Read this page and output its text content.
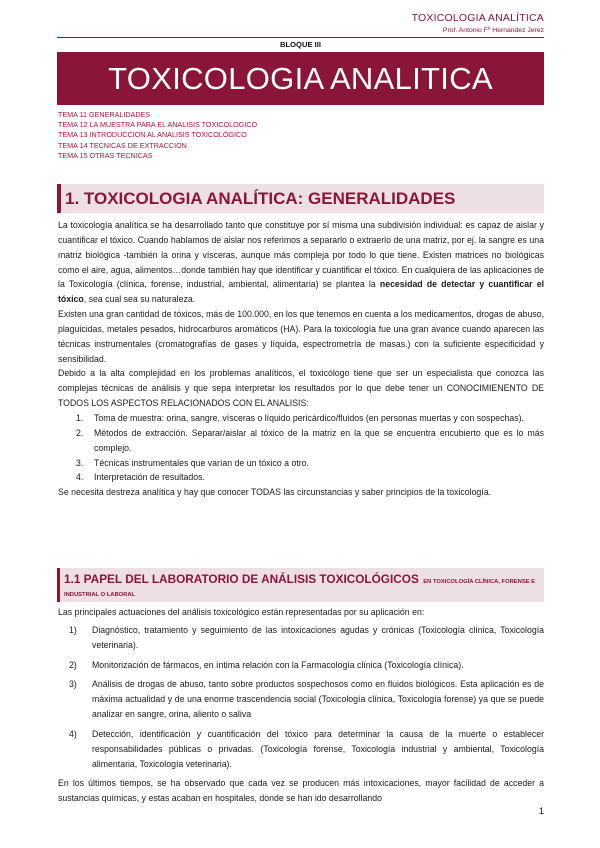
TOXICOLOGIA ANALÍTICA
Prof. Antonio Fº Hernández Jerez
BLOQUE III
TOXICOLOGIA ANALITICA
TEMA 11 GENERALIDADES
TEMA 12 LA MUESTRA PARA EL ANALISIS TOXICOLOGICO
TEMA 13 INTRODUCCION AL ANALISIS TOXICOLÓGICO
TEMA 14 TECNICAS DE EXTRACCION
TEMA 15 OTRAS TECNICAS
1. TOXICOLOGIA ANALÍTICA: GENERALIDADES

La toxicología analítica se ha desarrollado tanto que constituye por sí misma una subdivisión individual: es capaz de aislar y cuantificar el tóxico. Cuando hablamos de aislar nos referimos a separarlo o extraerlo de una matriz, por ej. la sangre es una matriz biológica -también la orina y vísceras, aunque más compleja por todo lo que tiene. Existen matrices no biológicas como el aire, agua, alimentos…donde también hay que identificar y cuantificar el tóxico. En cualquiera de las aplicaciones de la Toxicología (clínica, forense, industrial, ambiental, alimentaria) se plantea la necesidad de detectar y cuantificar el tóxico, sea cual sea su naturaleza.

Existen una gran cantidad de tóxicos, más de 100.000, en los que tenemos en cuenta a los medicamentos, drogas de abuso, plaguicidas, metales pesados, hidrocarburos aromáticos (HA). Para la toxicología fue una gran avance cuando aparecen las técnicas instrumentales (cromatografías de gases y líquida, espectrometría de masas.) con la suficiente especificidad y sensibilidad.

Debido a la alta complejidad en los problemas analíticos, el toxicólogo tiene que ser un especialista que conozca las complejas técnicas de análisis y que sepa interpretar los resultados por lo que debe tener un CONOCIMIENENTO DE TODOS LOS ASPECTOS RELACIONADOS CON EL ANALISIS:

1. Toma de muestra: orina, sangre, vísceras o líquido pericárdico/fluidos (en personas muertas y con sospechas).
2. Métodos de extracción. Separar/aislar al tóxico de la matriz en la que se encuentra encubierto que es lo más complejo.
3. Técnicas instrumentales que varían de un tóxico a otro.
4. Interpretación de resultados.

Se necesita destreza analítica y hay que conocer TODAS las circunstancias y saber principios de la toxicología.

1.1 PAPEL DEL LABORATORIO DE ANÁLISIS TOXICOLÓGICOS EN TOXICOLOGÍA CLÍNICA, FORENSE E
INDUSTRIAL O LABORAL

Las principales actuaciones del análisis toxicológico están representadas por su aplicación en:

1) Diagnóstico, tratamiento y seguimiento de las intoxicaciones agudas y crónicas (Toxicología clínica, Toxicología veterinaria).
2) Monitorización de fármacos, en íntima relación con la Farmacología clínica (Toxicología clínica).
3) Análisis de drogas de abuso, tanto sobre productos sospechosos como en fluidos biológicos. Esta aplicación es de máxima actualidad y de una enorme trascendencia social (Toxicología clínica, Toxicología forense) ya que se puede analizar en sangre, orina, aliento o saliva
4) Detección, identificación y cuantificación del tóxico para determinar la causa de la muerte o establecer responsabilidades públicas o privadas. (Toxicología forense, Toxicología industrial y ambiental, Toxicología alimentaria, Toxicología veterinaria).

En los últimos tiempos, se ha observado que cada vez se producen más intoxicaciones, mayor facilidad de acceder a sustancias químicas, y estas acaban en hospitales, donde se han ido desarrollando

1
